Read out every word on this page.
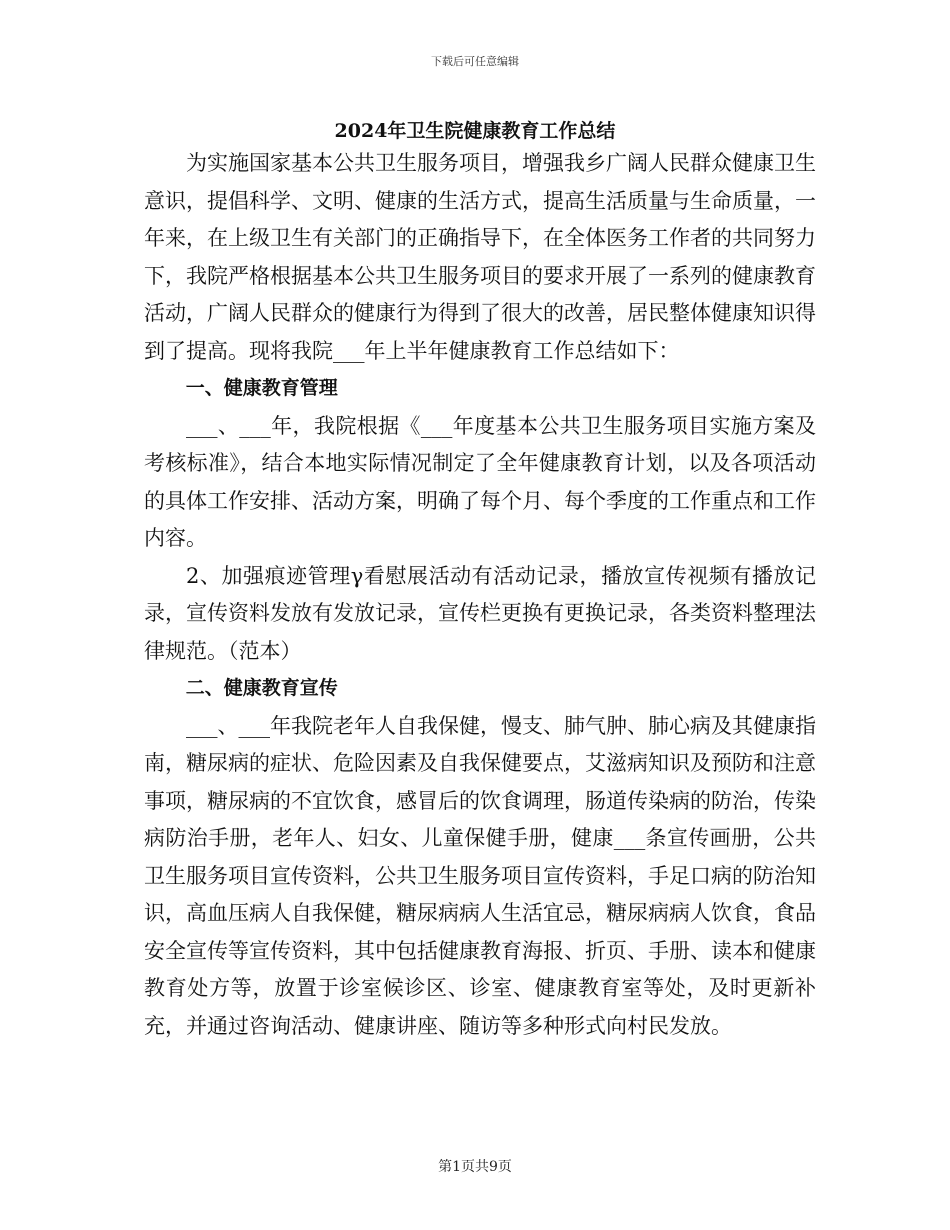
下载后可任意编辑
2024年卫生院健康教育工作总结

为实施国家基本公共卫生服务项目，增强我乡广阔人民群众健康卫生意识，提倡科学、文明、健康的生活方式，提高生活质量与生命质量，一年来，在上级卫生有关部门的正确指导下，在全体医务工作者的共同努力下，我院严格根据基本公共卫生服务项目的要求开展了一系列的健康教育活动，广阔人民群众的健康行为得到了很大的改善，居民整体健康知识得到了提高。现将我院___年上半年健康教育工作总结如下：

一、健康教育管理

___、___年，我院根据《___年度基本公共卫生服务项目实施方案及考核标准》，结合本地实际情况制定了全年健康教育计划，以及各项活动的具体工作安排、活动方案，明确了每个月、每个季度的工作重点和工作内容。

2、加强痕迹管理γ看慰展活动有活动记录，播放宣传视频有播放记录，宣传资料发放有发放记录，宣传栏更换有更换记录，各类资料整理法律规范。（范本）

二、健康教育宣传

___、___年我院老年人自我保健，慢支、肺气肿、肺心病及其健康指南，糖尿病的症状、危险因素及自我保健要点，艾滋病知识及预防和注意事项，糖尿病的不宜饮食，感冒后的饮食调理，肠道传染病的防治，传染病防治手册，老年人、妇女、儿童保健手册，健康___条宣传画册，公共卫生服务项目宣传资料，公共卫生服务项目宣传资料，手足口病的防治知识，高血压病人自我保健，糖尿病病人生活宜忌，糖尿病病人饮食，食品安全宣传等宣传资料，其中包括健康教育海报、折页、手册、读本和健康教育处方等，放置于诊室候诊区、诊室、健康教育室等处，及时更新补充，并通过咨询活动、健康讲座、随访等多种形式向村民发放。

第1页共9页
